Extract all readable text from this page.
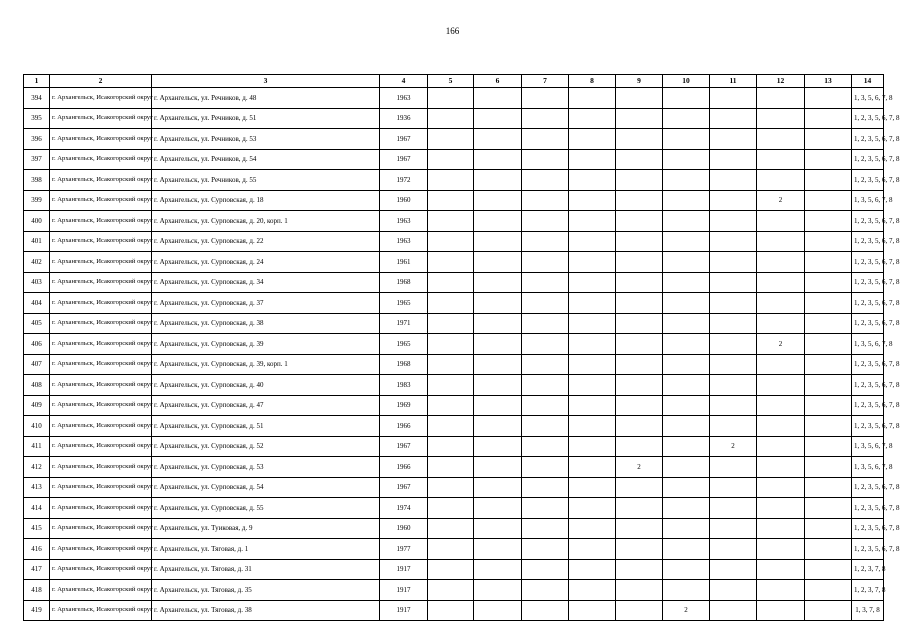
166
1	2	3	4	5	6	7	8	9	10	11	12	13	14
394	г. Архангельск, Исакогорский округ	г. Архангельск, ул. Речников, д. 48	1963										1, 3, 5, 6, 7, 8
395	г. Архангельск, Исакогорский округ	г. Архангельск, ул. Речников, д. 51	1936										1, 2, 3, 5, 6, 7, 8
396	г. Архангельск, Исакогорский округ	г. Архангельск, ул. Речников, д. 53	1967										1, 2, 3, 5, 6, 7, 8
397	г. Архангельск, Исакогорский округ	г. Архангельск, ул. Речников, д. 54	1967										1, 2, 3, 5, 6, 7, 8
398	г. Архангельск, Исакогорский округ	г. Архангельск, ул. Речников, д. 55	1972										1, 2, 3, 5, 6, 7, 8
399	г. Архангельск, Исакогорский округ	г. Архангельск, ул. Сурповская, д. 18	1960								2		1, 3, 5, 6, 7, 8
400	г. Архангельск, Исакогорский округ	г. Архангельск, ул. Сурповская, д. 20, корп. 1	1963										1, 2, 3, 5, 6, 7, 8
401	г. Архангельск, Исакогорский округ	г. Архангельск, ул. Сурповская, д. 22	1963										1, 2, 3, 5, 6, 7, 8
402	г. Архангельск, Исакогорский округ	г. Архангельск, ул. Сурповская, д. 24	1961										1, 2, 3, 5, 6, 7, 8
403	г. Архангельск, Исакогорский округ	г. Архангельск, ул. Сурповская, д. 34	1968										1, 2, 3, 5, 6, 7, 8
404	г. Архангельск, Исакогорский округ	г. Архангельск, ул. Сурповская, д. 37	1965										1, 2, 3, 5, 6, 7, 8
405	г. Архангельск, Исакогорский округ	г. Архангельск, ул. Сурповская, д. 38	1971										1, 2, 3, 5, 6, 7, 8
406	г. Архангельск, Исакогорский округ	г. Архангельск, ул. Сурповская, д. 39	1965								2		1, 3, 5, 6, 7, 8
407	г. Архангельск, Исакогорский округ	г. Архангельск, ул. Сурповская, д. 39, корп. 1	1968										1, 2, 3, 5, 6, 7, 8
408	г. Архангельск, Исакогорский округ	г. Архангельск, ул. Сурповская, д. 40	1983										1, 2, 3, 5, 6, 7, 8
409	г. Архангельск, Исакогорский округ	г. Архангельск, ул. Сурповская, д. 47	1969										1, 2, 3, 5, 6, 7, 8
410	г. Архангельск, Исакогорский округ	г. Архангельск, ул. Сурповская, д. 51	1966										1, 2, 3, 5, 6, 7, 8
411	г. Архангельск, Исакогорский округ	г. Архангельск, ул. Сурповская, д. 52	1967							2			1, 3, 5, 6, 7, 8
412	г. Архангельск, Исакогорский округ	г. Архангельск, ул. Сурповская, д. 53	1966					2					1, 3, 5, 6, 7, 8
413	г. Архангельск, Исакогорский округ	г. Архангельск, ул. Сурповская, д. 54	1967										1, 2, 3, 5, 6, 7, 8
414	г. Архангельск, Исакогорский округ	г. Архангельск, ул. Сурповская, д. 55	1974										1, 2, 3, 5, 6, 7, 8
415	г. Архангельск, Исакогорский округ	г. Архангельск, ул. Туиковая, д. 9	1960										1, 2, 3, 5, 6, 7, 8
416	г. Архангельск, Исакогорский округ	г. Архангельск, ул. Тяговая, д. 1	1977										1, 2, 3, 5, 6, 7, 8
417	г. Архангельск, Исакогорский округ	г. Архангельск, ул. Тяговая, д. 31	1917										1, 2, 3, 7, 8
418	г. Архангельск, Исакогорский округ	г. Архангельск, ул. Тяговая, д. 35	1917										1, 2, 3, 7, 8
419	г. Архангельск, Исакогорский округ	г. Архангельск, ул. Тяговая, д. 38	1917						2				1, 3, 7, 8
